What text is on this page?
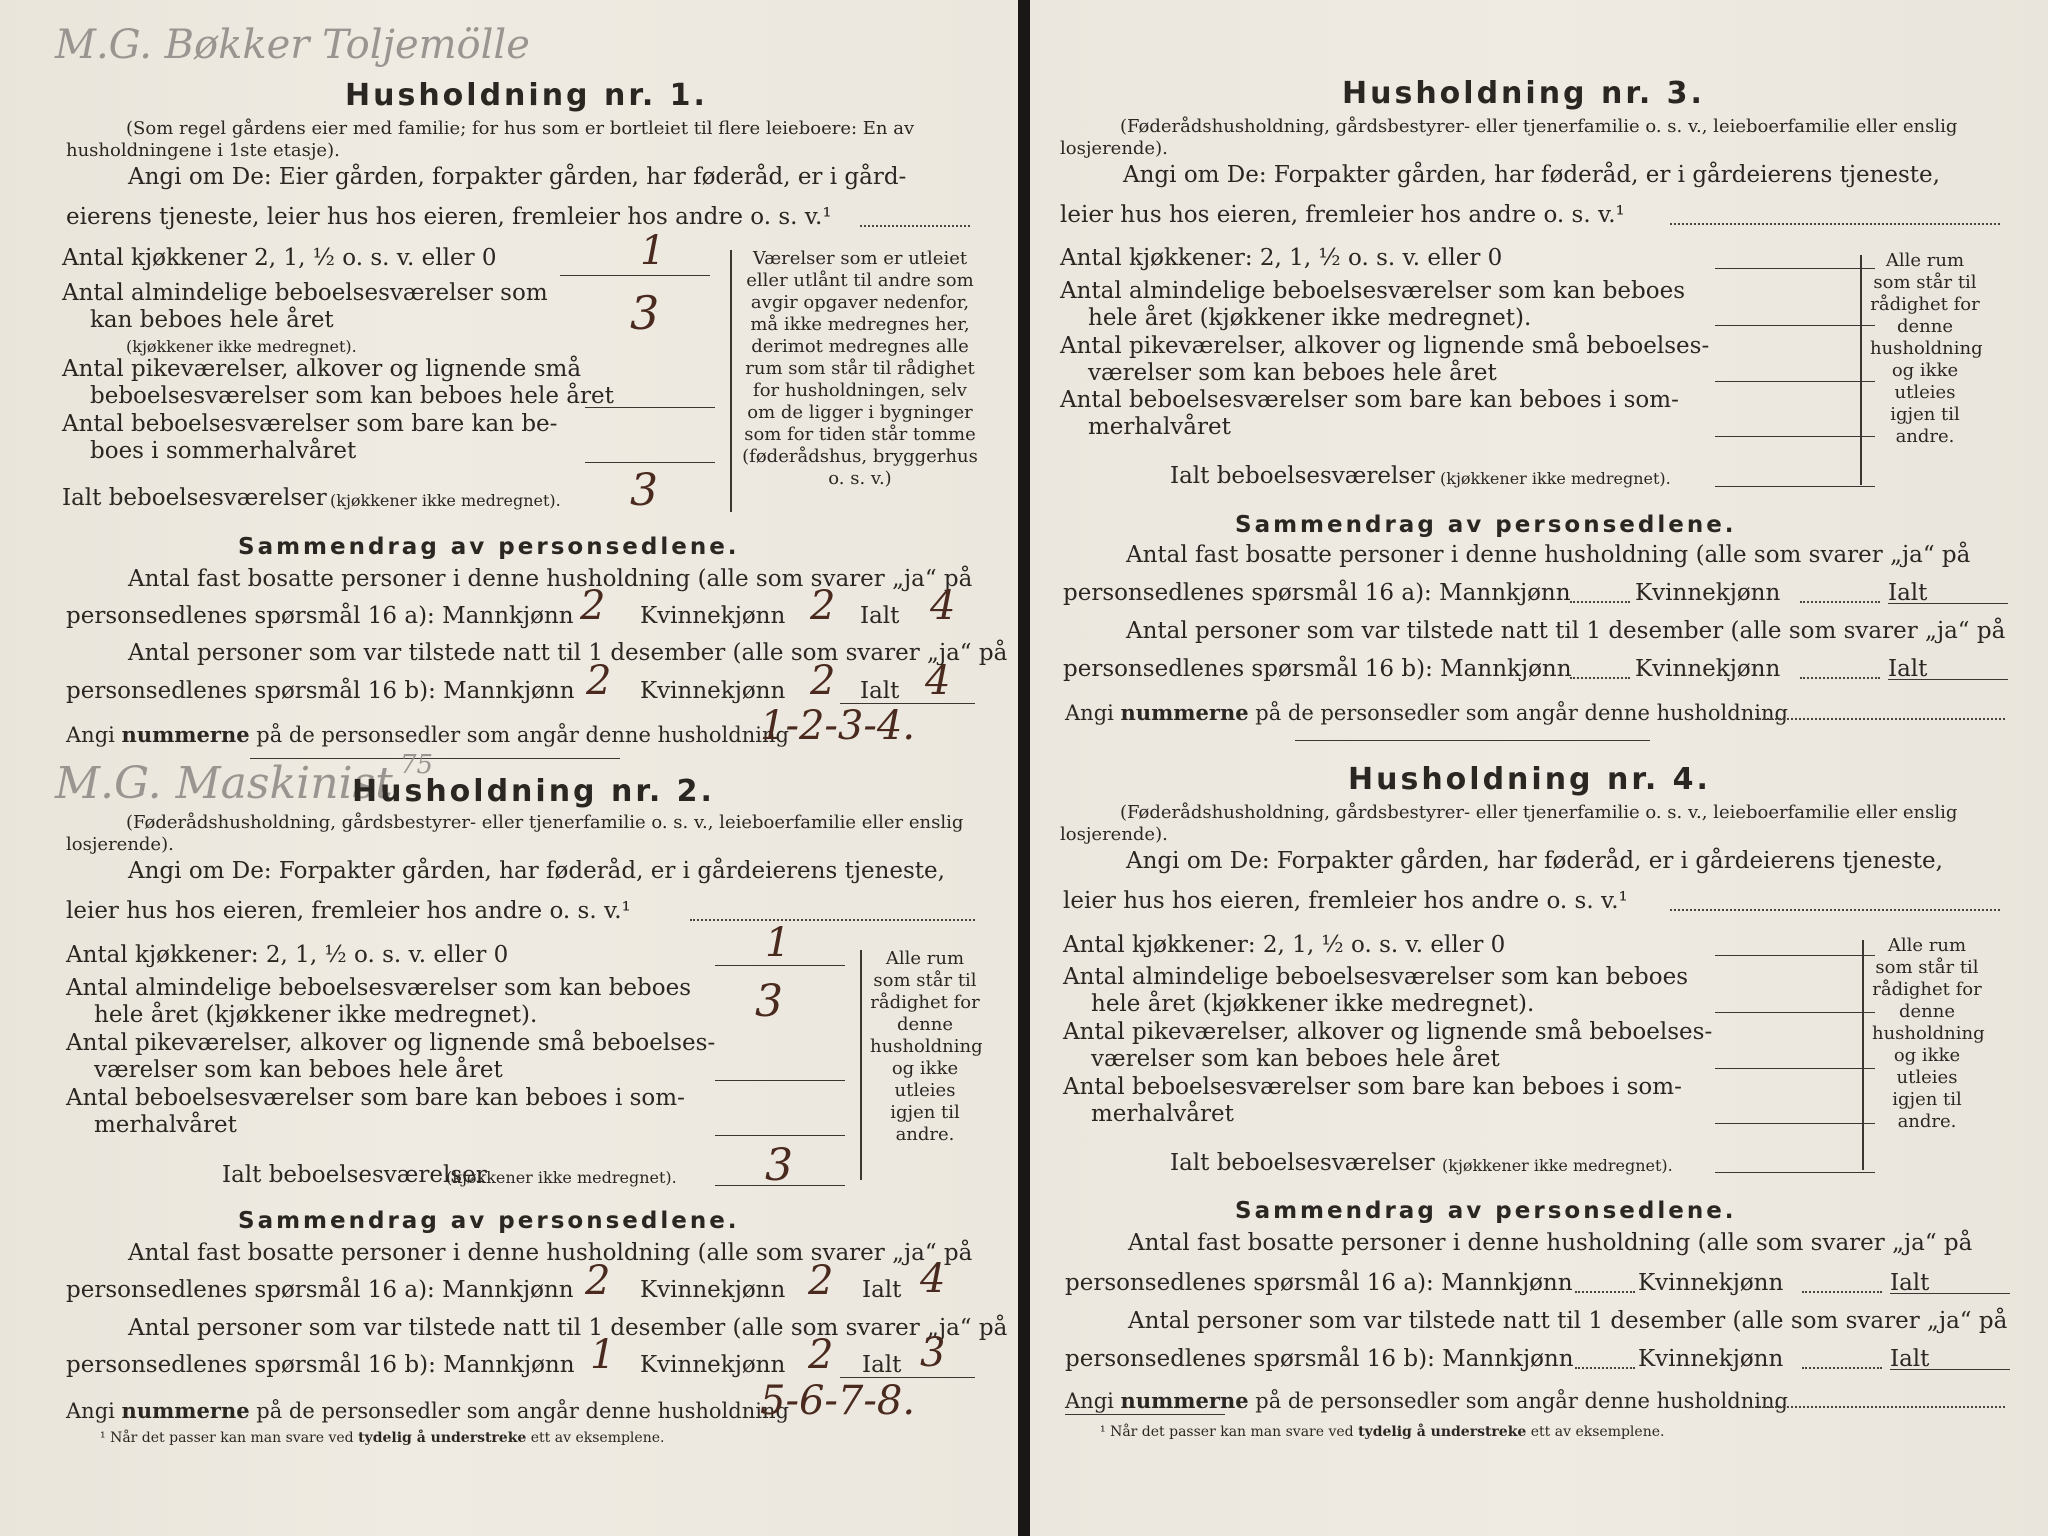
M.G. Bøkker Toljemölle
Husholdning nr. 1.
(Som regel gårdens eier med familie; for hus som er bortleiet til flere leieboere: En av husholdningene i 1ste etasje).
Angi om De: Eier gården, forpakter gården, har føderåd, er i gård-
eierens tjeneste, leier hus hos eieren, fremleier hos andre o. s. v.¹
Antal kjøkkener 2, 1, ½ o. s. v. eller 0	1
Antal almindelige beboelsesværelser som
kan beboes hele året
(kjøkkener ikke medregnet).
3
Antal pikeværelser, alkover og lignende små
beboelsesværelser som kan beboes hele året
Antal beboelsesværelser som bare kan be-
boes i sommerhalvåret
Ialt beboelsesværelser (kjøkkener ikke medregnet). 3
Værelser som er utleiet eller utlånt til andre som avgir opgaver nedenfor, må ikke medregnes her, derimot medregnes alle rum som står til rådighet for husholdningen, selv om de ligger i bygninger som for tiden står tomme (føderådshus, bryggerhus o. s. v.)
Sammendrag av personsedlene.
Antal fast bosatte personer i denne husholdning (alle som svarer „ja“ på
personsedlenes spørsmål 16 a): Mannkjønn 2 Kvinnekjønn 2 Ialt 4
Antal personer som var tilstede natt til 1 desember (alle som svarer „ja“ på
personsedlenes spørsmål 16 b): Mannkjønn 2 Kvinnekjønn 2 Ialt 4
Angi nummerne på de personsedler som angår denne husholdning
1-2-3-4.
M.G. Maskinist 75
Husholdning nr. 2.
(Føderådshusholdning, gårdsbestyrer- eller tjenerfamilie o. s. v., leieboerfamilie eller enslig losjerende).
Angi om De: Forpakter gården, har føderåd, er i gårdeierens tjeneste,
leier hus hos eieren, fremleier hos andre o. s. v.¹
Antal kjøkkener: 2, 1, ½ o. s. v. eller 0	1
Antal almindelige beboelsesværelser som kan beboes
hele året (kjøkkener ikke medregnet).	3
Antal pikeværelser, alkover og lignende små beboelses-
værelser som kan beboes hele året
Antal beboelsesværelser som bare kan beboes i som-
merhalvåret
Ialt beboelsesværelser
(kjøkkener ikke medregnet). 3
Alle rum som står til rådighet for denne husholdning og ikke utleies igjen til andre.
Sammendrag av personsedlene.
Antal fast bosatte personer i denne husholdning (alle som svarer „ja“ på
personsedlenes spørsmål 16 a): Mannkjønn 2 Kvinnekjønn 2 Ialt 4
Antal personer som var tilstede natt til 1 desember (alle som svarer „ja“ på
personsedlenes spørsmål 16 b): Mannkjønn 1 Kvinnekjønn 2 Ialt 3
Angi nummerne på de personsedler som angår denne husholdning
5-6-7-8.
¹ Når det passer kan man svare ved tydelig å understreke ett av eksemplene.
Husholdning nr. 3.
(Føderådshusholdning, gårdsbestyrer- eller tjenerfamilie o. s. v., leieboerfamilie eller enslig losjerende).
Angi om De: Forpakter gården, har føderåd, er i gårdeierens tjeneste,
leier hus hos eieren, fremleier hos andre o. s. v.¹
Antal kjøkkener: 2, 1, ½ o. s. v. eller 0
Antal almindelige beboelsesværelser som kan beboes
hele året (kjøkkener ikke medregnet).
Antal pikeværelser, alkover og lignende små beboelses-
værelser som kan beboes hele året
Antal beboelsesværelser som bare kan beboes i som-
merhalvåret
Ialt beboelsesværelser (kjøkkener ikke medregnet).
Alle rum som står til rådighet for denne husholdning og ikke utleies igjen til andre.
Sammendrag av personsedlene.
Antal fast bosatte personer i denne husholdning (alle som svarer „ja“ på
personsedlenes spørsmål 16 a): Mannkjønn	Kvinnekjønn	Ialt
Antal personer som var tilstede natt til 1 desember (alle som svarer „ja“ på
personsedlenes spørsmål 16 b): Mannkjønn	Kvinnekjønn	Ialt
Angi nummerne på de personsedler som angår denne husholdning
Husholdning nr. 4.
(Føderådshusholdning, gårdsbestyrer- eller tjenerfamilie o. s. v., leieboerfamilie eller enslig losjerende).
Angi om De: Forpakter gården, har føderåd, er i gårdeierens tjeneste,
leier hus hos eieren, fremleier hos andre o. s. v.¹
Antal kjøkkener: 2, 1, ½ o. s. v. eller 0
Antal almindelige beboelsesværelser som kan beboes
hele året (kjøkkener ikke medregnet).
Antal pikeværelser, alkover og lignende små beboelses-
værelser som kan beboes hele året
Antal beboelsesværelser som bare kan beboes i som-
merhalvåret
Ialt beboelsesværelser (kjøkkener ikke medregnet).
Alle rum som står til rådighet for denne husholdning og ikke utleies igjen til andre.
Sammendrag av personsedlene.
Antal fast bosatte personer i denne husholdning (alle som svarer „ja“ på
personsedlenes spørsmål 16 a): Mannkjønn	Kvinnekjønn	Ialt
Antal personer som var tilstede natt til 1 desember (alle som svarer „ja“ på
personsedlenes spørsmål 16 b): Mannkjønn	Kvinnekjønn	Ialt
Angi nummerne på de personsedler som angår denne husholdning
¹ Når det passer kan man svare ved tydelig å understreke ett av eksemplene.
